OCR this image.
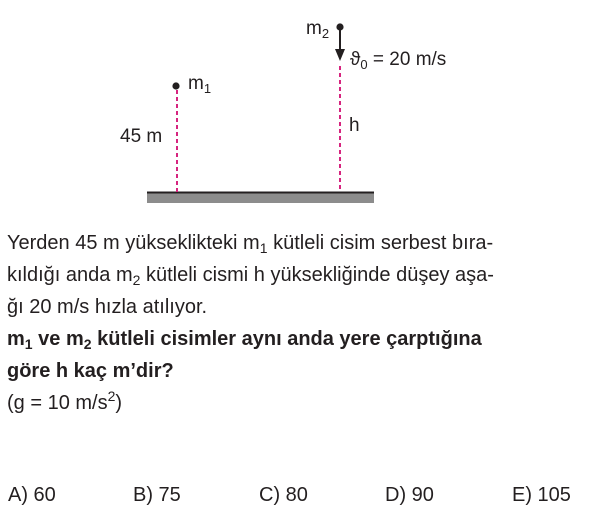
$m_1$
$m_2$
45 m
h
$ϑ_0 = 20$ m/s
Yerden 45 m yükseklikteki $m_1$ kütleli cisim serbest bıra-
kıldığı anda $m_2$ kütleli cismi h yüksekliğinde düşey aşa-
ğı 20 m/s hızla atılıyor.
$m_1$ ve $m_2$ kütleli cisimler aynı anda yere çarptığına
göre h kaç m’dir?
(g = 10 $m/s^2$)
A) 60	B) 75	C) 80	D) 90	E) 105
